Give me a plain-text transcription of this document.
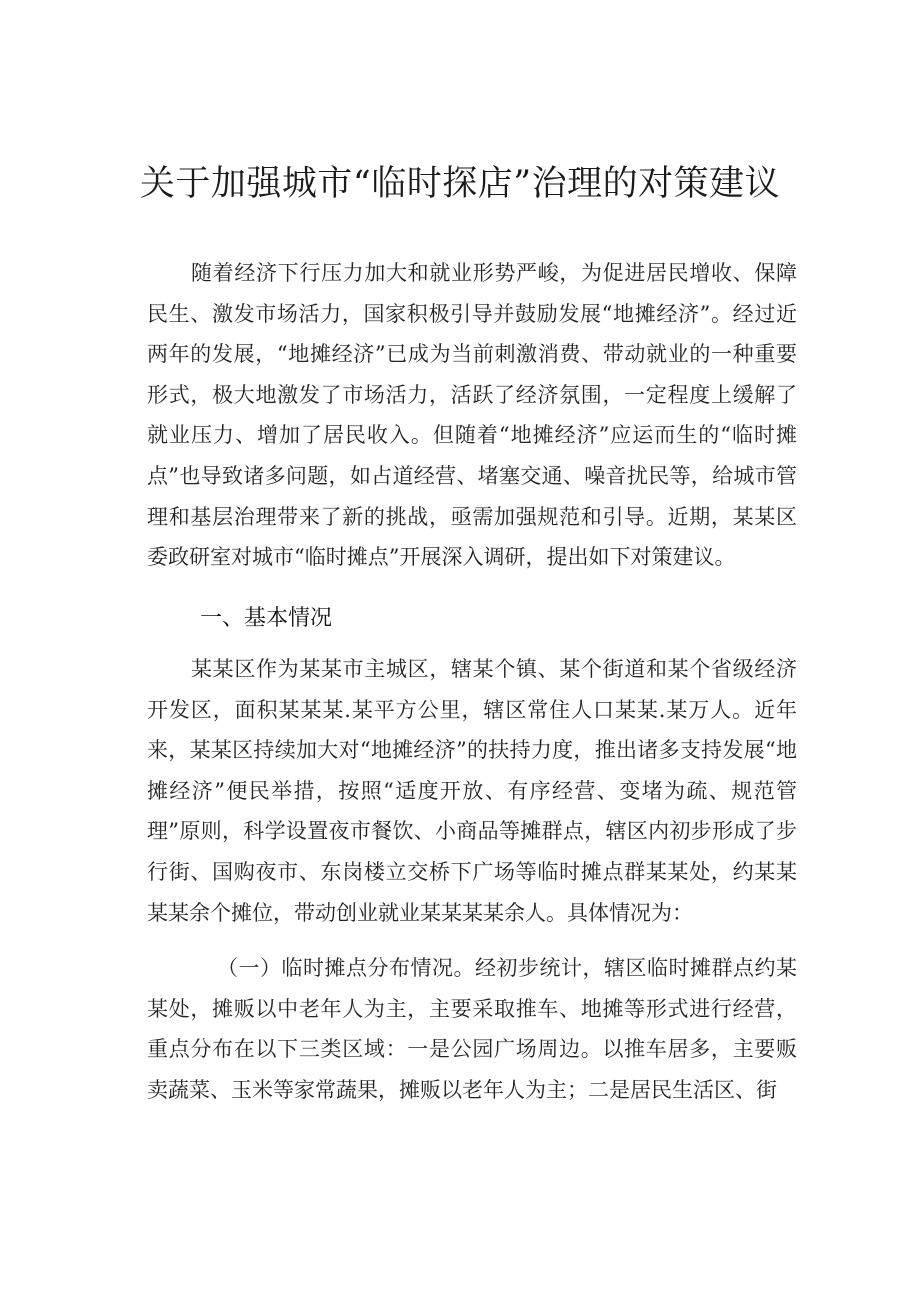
关于加强城市“临时探店”治理的对策建议

随着经济下行压力加大和就业形势严峻，为促进居民增收、保障民生、激发市场活力，国家积极引导并鼓励发展“地摊经济”。经过近两年的发展，“地摊经济”已成为当前刺激消费、带动就业的一种重要形式，极大地激发了市场活力，活跃了经济氛围，一定程度上缓解了就业压力、增加了居民收入。但随着“地摊经济”应运而生的“临时摊点”也导致诸多问题，如占道经营、堵塞交通、噪音扰民等，给城市管理和基层治理带来了新的挑战，亟需加强规范和引导。近期，某某区委政研室对城市“临时摊点”开展深入调研，提出如下对策建议。

一、基本情况

某某区作为某某市主城区，辖某个镇、某个街道和某个省级经济开发区，面积某某某.某平方公里，辖区常住人口某某.某万人。近年来，某某区持续加大对“地摊经济”的扶持力度，推出诸多支持发展“地摊经济”便民举措，按照“适度开放、有序经营、变堵为疏、规范管理”原则，科学设置夜市餐饮、小商品等摊群点，辖区内初步形成了步行街、国购夜市、东岗楼立交桥下广场等临时摊点群某某处，约某某某某余个摊位，带动创业就业某某某某余人。具体情况为：

（一）临时摊点分布情况。经初步统计，辖区临时摊群点约某某处，摊贩以中老年人为主，主要采取推车、地摊等形式进行经营，重点分布在以下三类区域：一是公园广场周边。以推车居多，主要贩卖蔬菜、玉米等家常蔬果，摊贩以老年人为主；二是居民生活区、街
